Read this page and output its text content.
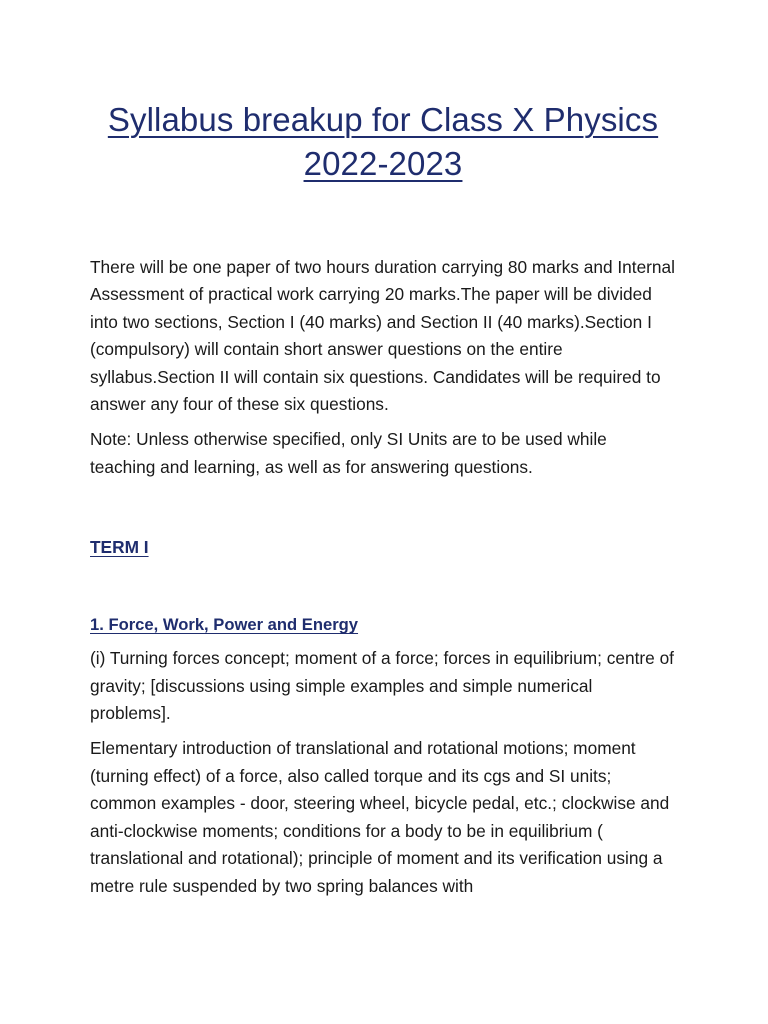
Syllabus breakup for Class X Physics
2022-2023

There will be one paper of two hours duration carrying 80 marks and Internal Assessment of practical work carrying 20 marks.The paper will be divided into two sections, Section I (40 marks) and Section II (40 marks).Section I (compulsory) will contain short answer questions on the entire syllabus.Section II will contain six questions. Candidates will be required to answer any four of these six questions.

Note: Unless otherwise specified, only SI Units are to be used while teaching and learning, as well as for answering questions.

TERM I
1. Force, Work, Power and Energy

(i) Turning forces concept; moment of a force; forces in equilibrium; centre of gravity; [discussions using simple examples and simple numerical problems].

Elementary introduction of translational and rotational motions; moment (turning effect) of a force, also called torque and its cgs and SI units; common examples - door, steering wheel, bicycle pedal, etc.; clockwise and anti-clockwise moments; conditions for a body to be in equilibrium ( translational and rotational); principle of moment and its verification using a metre rule suspended by two spring balances with
